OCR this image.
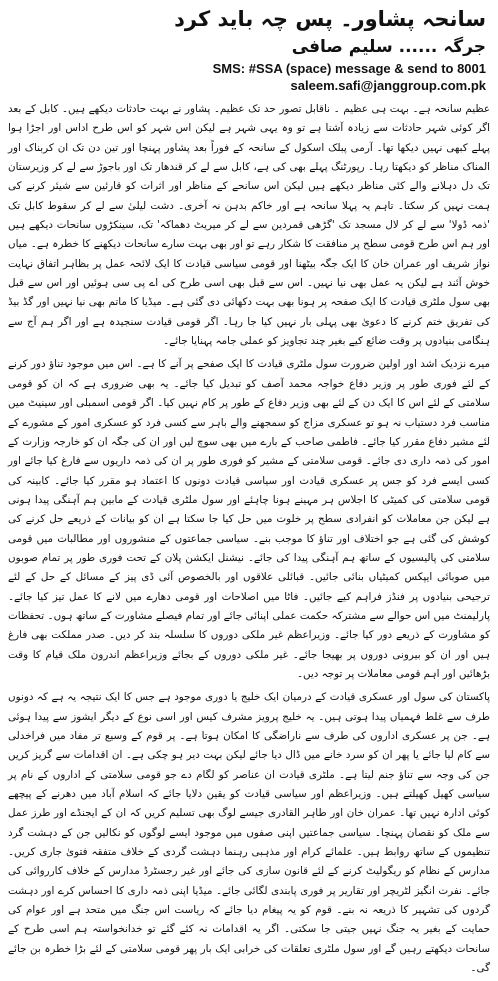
سانحہ پشاور۔ پس چہ باید کرد
جرگہ ...... سلیم صافی
SMS: #SSA (space) message & send to 8001
saleem.safi@janggroup.com.pk

عظیم سانحہ ہے۔ بہت ہی عظیم ۔ ناقابل تصور حد تک عظیم۔ پشاور نے بہت حادثات دیکھے ہیں۔ کابل کے بعد اگر کوئی شہر حادثات سے زیادہ آشنا ہے تو وہ یہی شہر ہے لیکن اس شہر کو اس طرح اداس اور اجڑا ہوا پہلے کبھی نہیں دیکھا تھا۔ آرمی پبلک اسکول کے سانحہ کے فوراً بعد پشاور پہنچا اور تین دن تک ان کربناک اور المناک مناظر کو دیکھتا رہا۔ رپورٹنگ پہلے بھی کی ہے، کابل سے لے کر قندھار تک اور باجوڑ سے لے کر وزیرستان تک دل دہلانے والے کئی مناظر دیکھے ہیں لیکن اس سانحے کے مناظر اور اثرات کو قارئین سے شیئر کرنے کی ہمت نہیں کر سکتا۔ تاہم یہ پہلا سانحہ ہے اور خاکم بدہن نہ آخری۔ دشت لیلیٰ سے لے کر سقوط کابل تک 'ذمہ ڈولا' سے لے کر لال مسجد تک 'گڑھی قمردین سے لے کر میریٹ دھماکہ' تک، سینکڑوں سانحات دیکھے ہیں اور ہم اس طرح قومی سطح پر منافقت کا شکار رہے تو اور بھی بہت سارے سانحات دیکھنے کا خطرہ ہے۔ میاں نواز شریف اور عمران خان کا ایک جگہ بیٹھنا اور قومی سیاسی قیادت کا ایک لائحہ عمل پر بظاہر اتفاق نہایت خوش آئند ہے لیکن یہ عمل بھی نیا نہیں۔ اس سے قبل بھی اسی طرح کی اے پی سی ہوئیں اور اس سے قبل بھی سول ملٹری قیادت کا ایک صفحہ پر ہونا بھی بہت دکھائی دی گئی ہے۔ میڈیا کا ماتم بھی نیا نہیں اور گڈ بیڈ کی تفریق ختم کرنے کا دعویٰ بھی پہلی بار نہیں کیا جا رہا۔ اگر قومی قیادت سنجیدہ ہے اور اگر ہم آج سے ہنگامی بنیادوں پر وقت ضائع کیے بغیر چند تجاویز کو عملی جامہ پہنایا جائے۔

میرے نزدیک اشد اور اولین ضرورت سول ملٹری قیادت کا ایک صفحے پر آنے کا ہے۔ اس میں موجود تناؤ دور کرنے کے لئے فوری طور پر وزیر دفاع خواجہ محمد آصف کو تبدیل کیا جائے۔ یہ بھی ضروری ہے کہ ان کو قومی سلامتی کے لئے اس کا ایک دن کے لئے بھی وزیر دفاع کے طور پر کام نہیں کیا۔ اگر قومی اسمبلی اور سینیٹ میں مناسب فرد دستیاب نہ ہو تو عسکری مزاج کو سمجھنے والے باہر سے کسی فرد کو عسکری امور کے مشورے کے لئے مشیر دفاع مقرر کیا جائے۔ فاطمی صاحب کے بارے میں بھی سوچ لیں اور ان کی جگہ ان کو خارجہ وزارت کے امور کی ذمہ داری دی جائے۔ قومی سلامتی کے مشیر کو فوری طور پر ان کی ذمہ داریوں سے فارغ کیا جائے اور کسی ایسے فرد کو جس پر عسکری قیادت اور سیاسی قیادت دونوں کا اعتماد ہو مقرر کیا جائے۔ کابینہ کی قومی سلامتی کی کمیٹی کا اجلاس ہر مہینے ہونا چاہئے اور سول ملٹری قیادت کے مابین ہم آہنگی پیدا ہونی ہے لیکن جن معاملات کو انفرادی سطح پر خلوت میں حل کیا جا سکتا ہے ان کو بیانات کے ذریعے حل کرنے کی کوشش کی گئی ہے جو اختلاف اور تناؤ کا موجب بنے۔ سیاسی جماعتوں کے منشوروں اور مطالبات میں قومی سلامتی کی پالیسیوں کے ساتھ ہم آہنگی پیدا کی جائے۔ نیشنل ایکشن پلان کے تحت فوری طور پر تمام صوبوں میں صوبائی ایپکس کمیٹیاں بنائی جائیں۔ قبائلی علاقوں اور بالخصوص آئی ڈی پیز کے مسائل کے حل کے لئے ترجیحی بنیادوں پر فنڈز فراہم کیے جائیں۔ فاٹا میں اصلاحات اور قومی دھارے میں لانے کا عمل تیز کیا جائے۔ پارلیمنٹ میں اس حوالے سے مشترکہ حکمت عملی اپنائی جائے اور تمام فیصلے مشاورت کے ساتھ ہوں۔ تحفظات کو مشاورت کے ذریعے دور کیا جائے۔ وزیراعظم غیر ملکی دوروں کا سلسلہ بند کر دیں۔ صدر مملکت بھی فارغ ہیں اور ان کو بیرونی دوروں پر بھیجا جائے۔ غیر ملکی دوروں کے بجائے وزیراعظم اندرون ملک قیام کا وقت بڑھائیں اور اہم قومی معاملات پر توجہ دیں۔

پاکستان کی سول اور عسکری قیادت کے درمیان ایک خلیج یا دوری موجود ہے جس کا ایک نتیجہ یہ ہے کہ دونوں طرف سے غلط فہمیاں پیدا ہوتی ہیں۔ یہ خلیج پرویز مشرف کیس اور اسی نوع کے دیگر ایشوز سے پیدا ہوئی ہے۔ جن پر عسکری اداروں کی طرف سے ناراضگی کا امکان ہوتا ہے۔ پر قوم کے وسیع تر مفاد میں فراخدلی سے کام لیا جائے یا پھر ان کو سرد خانے میں ڈال دیا جائے لیکن بہت دیر ہو چکی ہے۔ ان اقدامات سے گریز کریں جن کی وجہ سے تناؤ جنم لیتا ہے۔ ملٹری قیادت ان عناصر کو لگام دے جو قومی سلامتی کے اداروں کے نام پر سیاسی کھیل کھیلتے ہیں۔ وزیراعظم اور سیاسی قیادت کو یقین دلایا جائے کہ اسلام آباد میں دھرنے کے پیچھے کوئی ادارہ نہیں تھا۔ عمران خان اور طاہر القادری جیسے لوگ بھی تسلیم کریں کہ ان کے ایجنڈے اور طرز عمل سے ملک کو نقصان پہنچا۔ سیاسی جماعتیں اپنی صفوں میں موجود ایسے لوگوں کو نکالیں جن کے دہشت گرد تنظیموں کے ساتھ روابط ہیں۔ علمائے کرام اور مذہبی رہنما دہشت گردی کے خلاف متفقہ فتویٰ جاری کریں۔ مدارس کے نظام کو ریگولیٹ کرنے کے لئے قانون سازی کی جائے اور غیر رجسٹرڈ مدارس کے خلاف کارروائی کی جائے۔ نفرت انگیز لٹریچر اور تقاریر پر فوری پابندی لگائی جائے۔ میڈیا اپنی ذمہ داری کا احساس کرے اور دہشت گردوں کی تشہیر کا ذریعہ نہ بنے۔ قوم کو یہ پیغام دیا جائے کہ ریاست اس جنگ میں متحد ہے اور عوام کی حمایت کے بغیر یہ جنگ نہیں جیتی جا سکتی۔ اگر یہ اقدامات نہ کئے گئے تو خدانخواستہ ہم اسی طرح کے سانحات دیکھتے رہیں گے اور سول ملٹری تعلقات کی خرابی ایک بار پھر قومی سلامتی کے لئے بڑا خطرہ بن جائے گی۔
